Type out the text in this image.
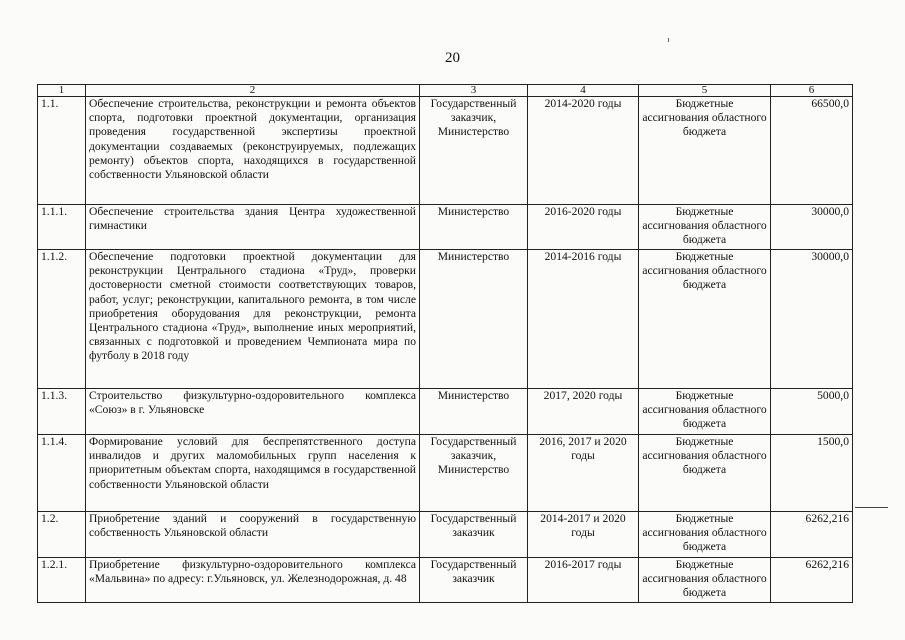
20
1	2	3	4	5	6
1.1.	Обеспечение строительства, реконструкции и ремонта объектов спорта, подготовки проектной документации, организация проведения государственной экспертизы проектной документации создаваемых (реконструируемых, подлежащих ремонту) объектов спорта, находящихся в государственной собственности Ульяновской области	Государственный заказчик, Министерство	2014-2020 годы	Бюджетные ассигнования областного бюджета	66500,0
1.1.1.	Обеспечение строительства здания Центра художественной гимнастики	Министерство	2016-2020 годы	Бюджетные ассигнования областного бюджета	30000,0
1.1.2.	Обеспечение подготовки проектной документации для реконструкции Центрального стадиона «Труд», проверки достоверности сметной стоимости соответствующих товаров, работ, услуг; реконструкции, капитального ремонта, в том числе приобретения оборудования для реконструкции, ремонта Центрального стадиона «Труд», выполнение иных мероприятий, связанных с подготовкой и проведением Чемпионата мира по футболу в 2018 году	Министерство	2014-2016 годы	Бюджетные ассигнования областного бюджета	30000,0
1.1.3.	Строительство физкультурно-оздоровительного комплекса «Союз» в г. Ульяновске	Министерство	2017, 2020 годы	Бюджетные ассигнования областного бюджета	5000,0
1.1.4.	Формирование условий для беспрепятственного доступа инвалидов и других маломобильных групп населения к приоритетным объектам спорта, находящимся в государственной собственности Ульяновской области	Государственный заказчик, Министерство	2016, 2017 и 2020 годы	Бюджетные ассигнования областного бюджета	1500,0
1.2.	Приобретение зданий и сооружений в государственную собственность Ульяновской области	Государственный заказчик	2014-2017 и 2020 годы	Бюджетные ассигнования областного бюджета	6262,216
1.2.1.	Приобретение физкультурно-оздоровительного комплекса «Мальвина» по адресу: г.Ульяновск, ул. Железнодорожная, д. 48	Государственный заказчик	2016-2017 годы	Бюджетные ассигнования областного бюджета	6262,216
